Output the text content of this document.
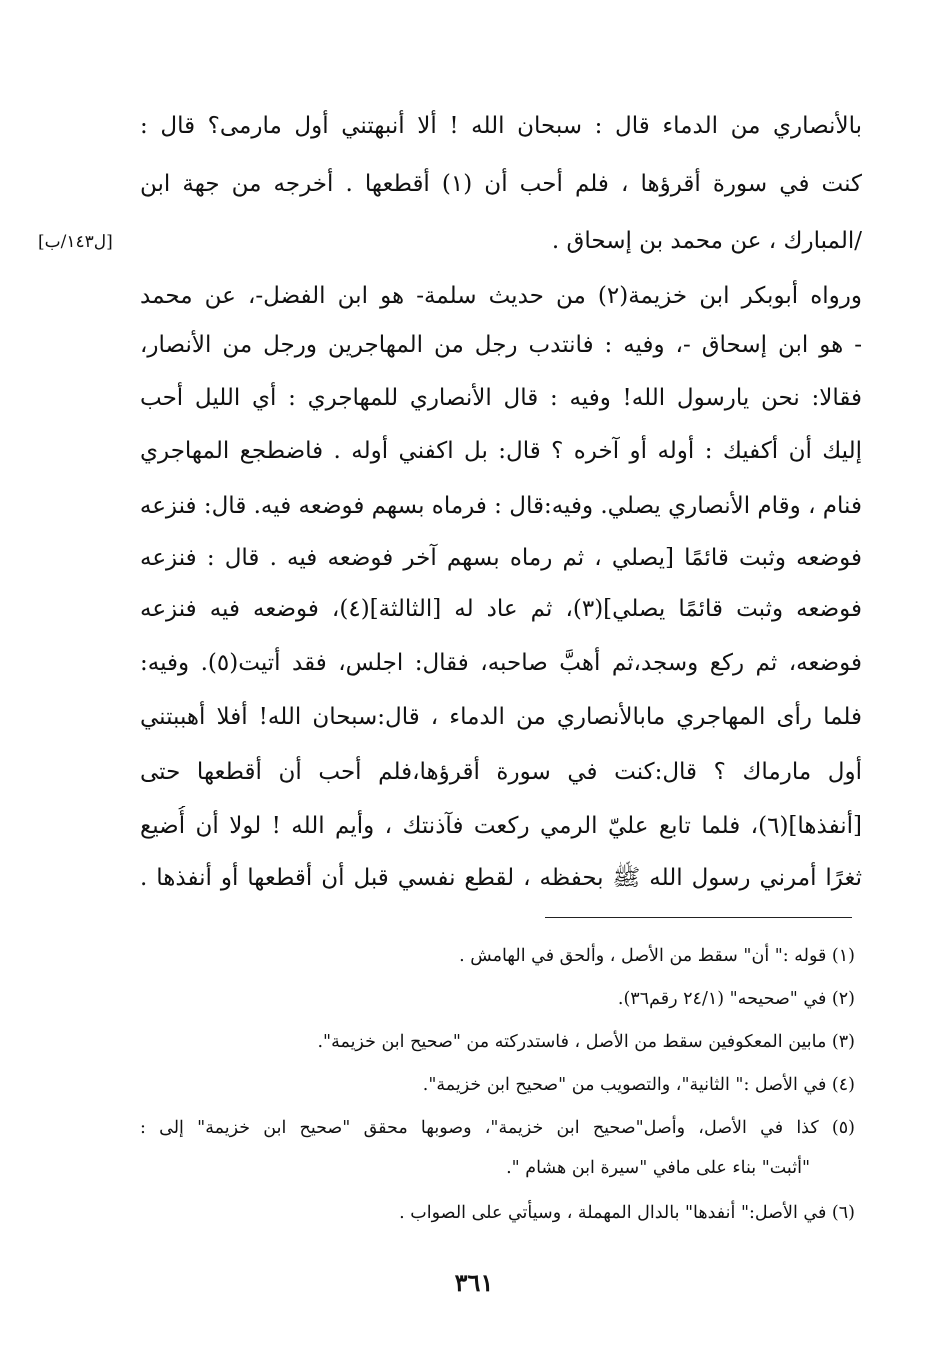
[ل١٤٣/ب]
بالأنصاري من الدماء قال : سبحان الله ! ألا أنبهتني أول مارمى؟ قال :
كنت في سورة أقرؤها ، فلم أحب أن (١) أقطعها . أخرجه من جهة ابن
/المبارك ، عن محمد بن إسحاق .
ورواه أبوبكر ابن خزيمة(٢) من حديث سلمة- هو ابن الفضل-، عن محمد
- هو ابن إسحاق -، وفيه : فانتدب رجل من المهاجرين ورجل من الأنصار،
فقالا: نحن يارسول الله! وفيه : قال الأنصاري للمهاجري : أي الليل أحب
إليك أن أكفيك : أوله أو آخره ؟ قال: بل اكفني أوله . فاضطجع المهاجري
فنام ، وقام الأنصاري يصلي. وفيه:قال : فرماه بسهم فوضعه فيه. قال: فنزعه
فوضعه وثبت قائمًا [يصلي ، ثم رماه بسهم آخر فوضعه فيه . قال : فنزعه
فوضعه وثبت قائمًا يصلي](٣)، ثم عاد له [الثالثة](٤)، فوضعه فيه فنزعه
فوضعه، ثم ركع وسجد،ثم أهبَّ صاحبه، فقال: اجلس، فقد أتيت(٥). وفيه:
فلما رأى المهاجري مابالأنصاري من الدماء ، قال:سبحان الله! أفلا أهببتني
أول مارماك ؟ قال:كنت في سورة أقرؤها،فلم أحب أن أقطعها حتى
[أنفذها](٦)، فلما تابع عليّ الرمي ركعت فآذنتك ، وأيم الله ! لولا أن أُضيع
ثغرًا أمرني رسول الله ﷺ بحفظه ، لقطع نفسي قبل أن أقطعها أو أنفذها .
(١) قوله :" أن" سقط من الأصل ، وألحق في الهامش .
(٢) في "صحيحه" (٢٤/١ رقم٣٦).
(٣) مابين المعكوفين سقط من الأصل ، فاستدركته من "صحيح ابن خزيمة".
(٤) في الأصل :" الثانية"، والتصويب من "صحيح ابن خزيمة".
(٥) كذا في الأصل، وأصل"صحيح ابن خزيمة"، وصوبها محقق "صحيح ابن خزيمة" إلى :
"أثبت" بناء على مافي "سيرة ابن هشام ".
(٦) في الأصل:" أنفدها" بالدال المهملة ، وسيأتي على الصواب .
٣٦١
